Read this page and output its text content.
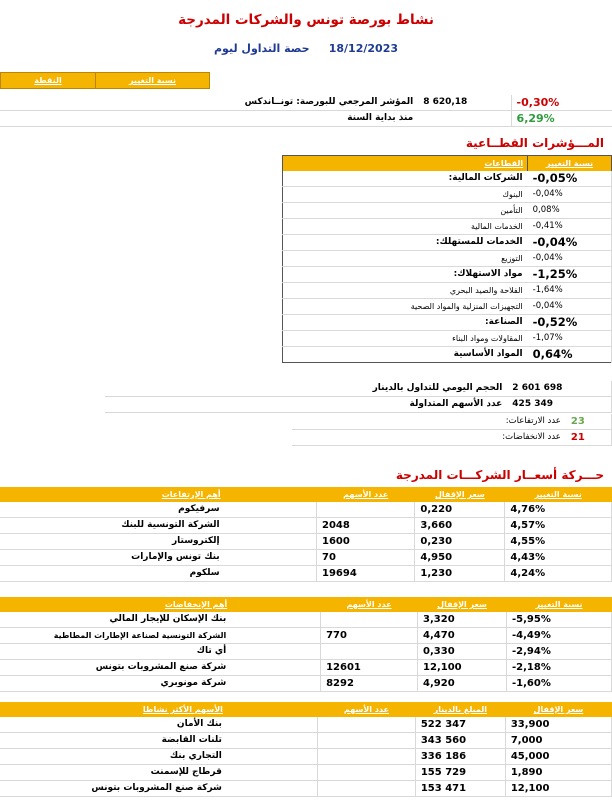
نشاط بورصة تونس والشركات المدرجة
18/12/2023     حصة التداول ليوم
نسبة التغيير	النقطة
-0,30%	8 620,18	المؤشر المرجعي للبورصة: تونــاندكس
6,29%		منذ بداية السنة
المـــؤشرات القطــاعية
نسبة التغيير	القطاعات
-0,05%	الشركات المالية:
-0,04%	البنوك
0,08%	التأمين
-0,41%	الخدمات المالية
-0,04%	الخدمات للمستهلك:
-0,04%	التوزيع
-1,25%	مواد الاستهلاك:
-1,64%	الفلاحة والصيد البحري
-0,04%	التجهيزات المنزلية والمواد الصحية
-0,52%	الصناعة:
-1,07%	المقاولات ومواد البناء
0,64%	المواد الأساسية
2 601 698	الحجم اليومي للتداول بالدينار
425 349	عدد الأسهم المتداولة
23	عدد الارتفاعات:
21	عدد الانخفاضات:
حـــركة أسعــار الشركـــات المدرجة
نسبة التغيير	سعر الإقفال	عدد الأسهم		أهم الإرتفاعات
4,76%	0,220			سرفيكوم
4,57%	3,660	2048		الشركة التونسية للبنك
4,55%	0,230	1600		إلكتروستار
4,43%	4,950	70		بنك تونس والإمارات
4,24%	1,230	19694		سلكوم
نسبة التغيير	سعر الإقفال	عدد الأسهم		أهم الإنخفاضات
-5,95%	3,320			بنك الإسكان للإيجار المالي
-4,49%	4,470	770		الشركة التونسية لصناعة الإطارات المطاطية
-2,94%	0,330			أي تاك
-2,18%	12,100	12601		شركة صنع المشروبات بتونس
-1,60%	4,920	8292		شركة مونوبري
سعر الإقفال	المبلغ بالدينار	عدد الأسهم		الأسهم الأكثر نشاطا
33,900	522 347			بنك الأمان
7,000	343 560			تلنات القابضة
45,000	336 186			التجاري بنك
1,890	155 729			قرطاج للإسمنت
12,100	153 471			شركة صنع المشروبات بتونس
